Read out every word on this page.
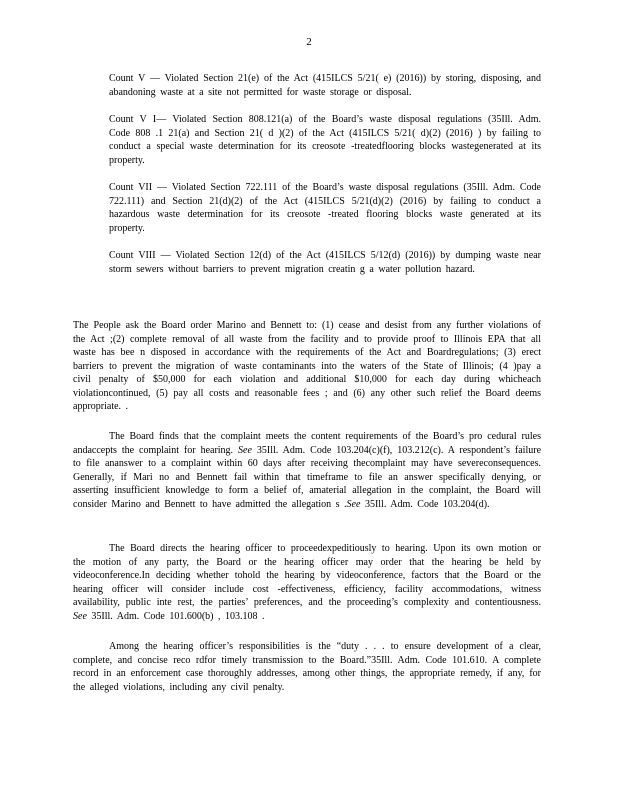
2

Count V — Violated Section 21(e) of the Act (415ILCS 5/21( e) (2016)) by storing, disposing, and abandoning waste at a site not permitted for waste storage or disposal.

Count V I— Violated Section 808.121(a) of the Board’s waste disposal regulations (35Ill. Adm. Code 808 .1 21(a) and Section 21( d )(2) of the Act (415ILCS 5/21( d)(2) (2016) ) by failing to conduct a special waste determination for its creosote -treatedflooring blocks wastegenerated at its property.

Count VII — Violated Section 722.111 of the Board’s waste disposal regulations (35Ill. Adm. Code 722.111) and Section 21(d)(2) of the Act (415ILCS 5/21(d)(2) (2016) by failing to conduct a hazardous waste determination for its creosote -treated flooring blocks waste generated at its property.

Count VIII — Violated Section 12(d) of the Act (415ILCS 5/12(d) (2016)) by dumping waste near storm sewers without barriers to prevent migration creatin g a water pollution hazard.

The People ask the Board order Marino and Bennett to: (1) cease and desist from any further violations of the Act ;(2) complete removal of all waste from the facility and to provide proof to Illinois EPA that all waste has bee n disposed in accordance with the requirements of the Act and Boardregulations; (3) erect barriers to prevent the migration of waste contaminants into the waters of the State of Illinois; (4 )pay a civil penalty of $50,000 for each violation and additional $10,000 for each day during whicheach violationcontinued, (5) pay all costs and reasonable fees ; and (6) any other such relief the Board deems appropriate. .

The Board finds that the complaint meets the content requirements of the Board’s pro cedural rules andaccepts the complaint for hearing. See 35Ill. Adm. Code 103.204(c)(f), 103.212(c). A respondent’s failure to file ananswer to a complaint within 60 days after receiving thecomplaint may have severeconsequences. Generally, if Mari no and Bennett fail within that timeframe to file an answer specifically denying, or asserting insufficient knowledge to form a belief of, amaterial allegation in the complaint, the Board will consider Marino and Bennett to have admitted the allegation s .See 35Ill. Adm. Code 103.204(d).

The Board directs the hearing officer to proceedexpeditiously to hearing. Upon its own motion or the motion of any party, the Board or the hearing officer may order that the hearing be held by videoconference.In deciding whether tohold the hearing by videoconference, factors that the Board or the hearing officer will consider include cost -effectiveness, efficiency, facility accommodations, witness availability, public inte rest, the parties’ preferences, and the proceeding’s complexity and contentiousness. See 35Ill. Adm. Code 101.600(b) , 103.108 .

Among the hearing officer’s responsibilities is the “duty . . . to ensure development of a clear, complete, and concise reco rdfor timely transmission to the Board.”35Ill. Adm. Code 101.610. A complete record in an enforcement case thoroughly addresses, among other things, the appropriate remedy, if any, for the alleged violations, including any civil penalty.
